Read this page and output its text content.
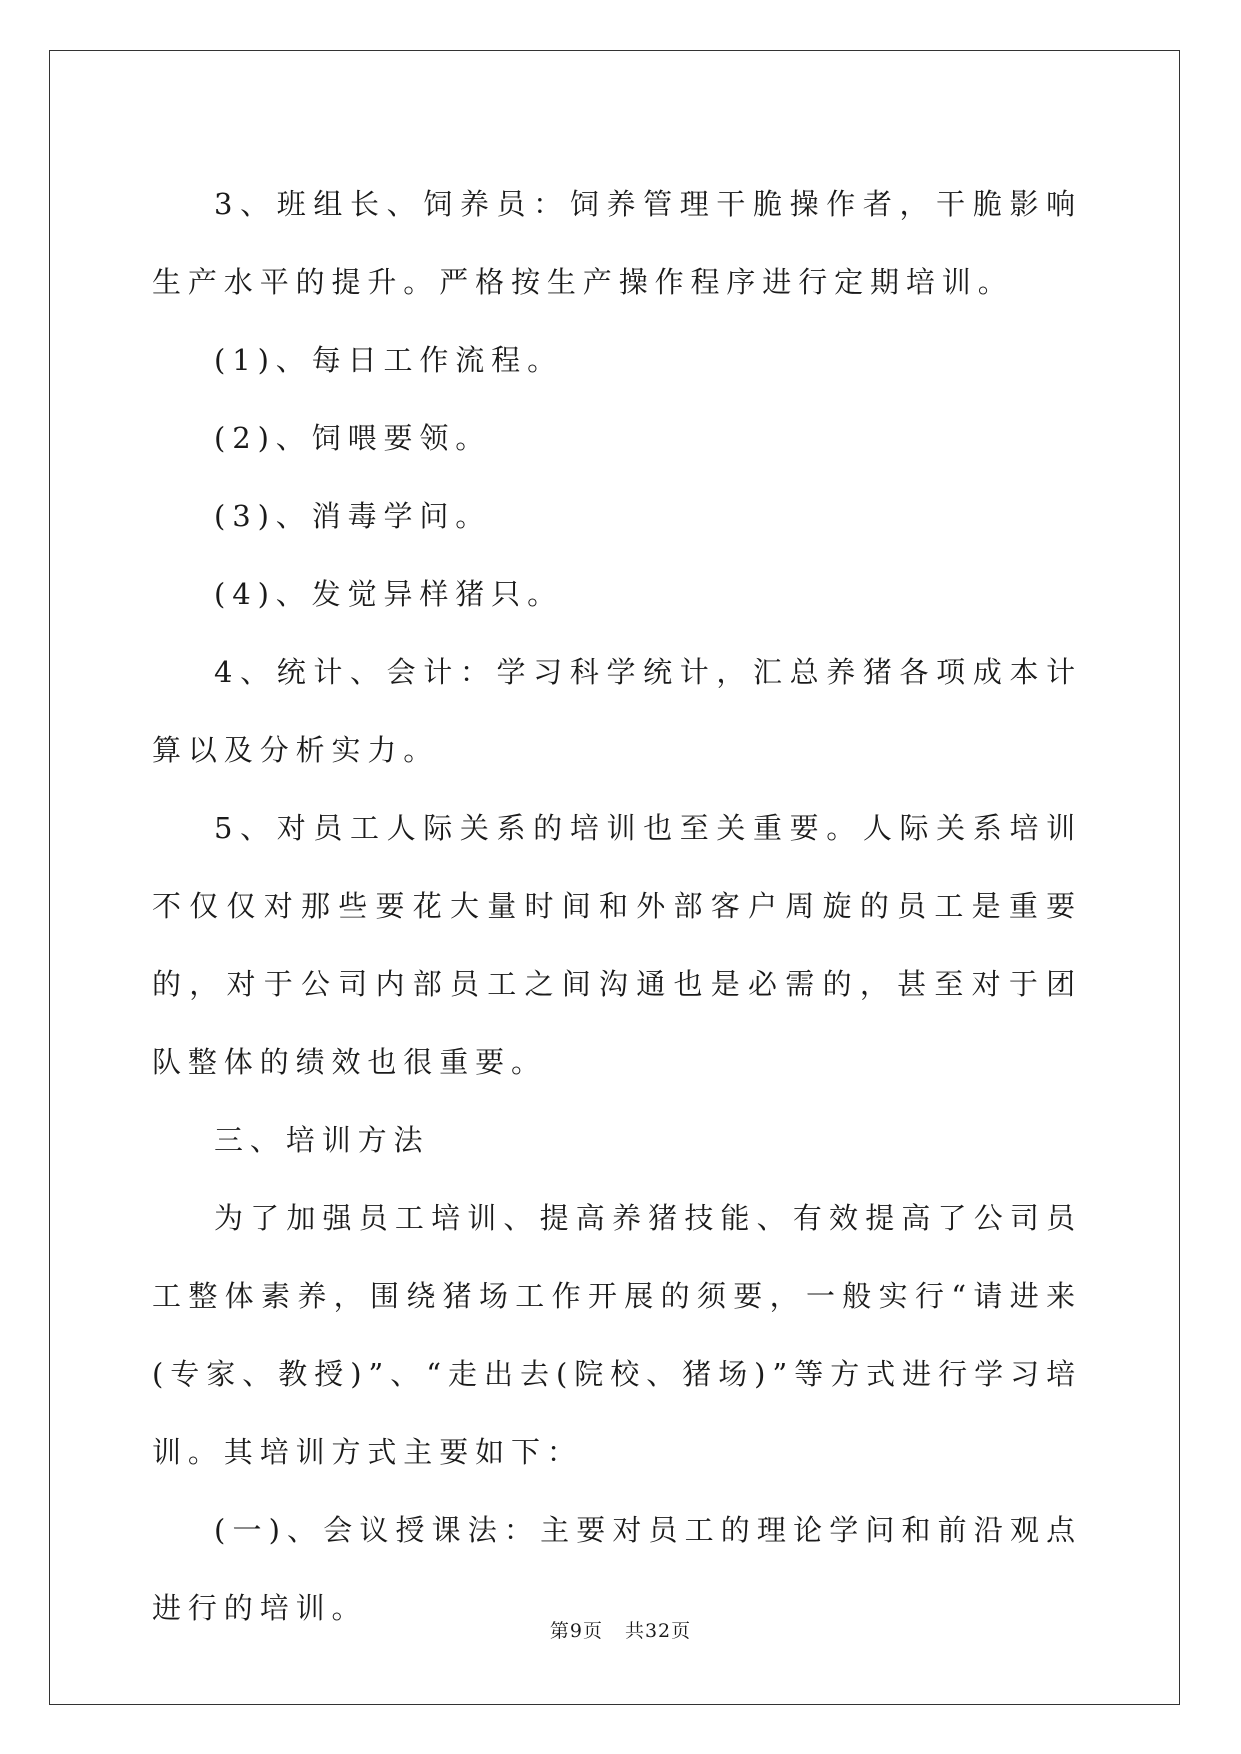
3、班组长、饲养员：饲养管理干脆操作者，干脆影响生产水平的提升。严格按生产操作程序进行定期培训。

(1)、每日工作流程。

(2)、饲喂要领。

(3)、消毒学问。

(4)、发觉异样猪只。

4、统计、会计：学习科学统计，汇总养猪各项成本计算以及分析实力。

5、对员工人际关系的培训也至关重要。人际关系培训不仅仅对那些要花大量时间和外部客户周旋的员工是重要的，对于公司内部员工之间沟通也是必需的，甚至对于团队整体的绩效也很重要。

三、培训方法

为了加强员工培训、提高养猪技能、有效提高了公司员工整体素养，围绕猪场工作开展的须要，一般实行“请进来(专家、教授)”、“走出去(院校、猪场)”等方式进行学习培训。其培训方式主要如下：

(一)、会议授课法：主要对员工的理论学问和前沿观点进行的培训。

第9页 共32页
